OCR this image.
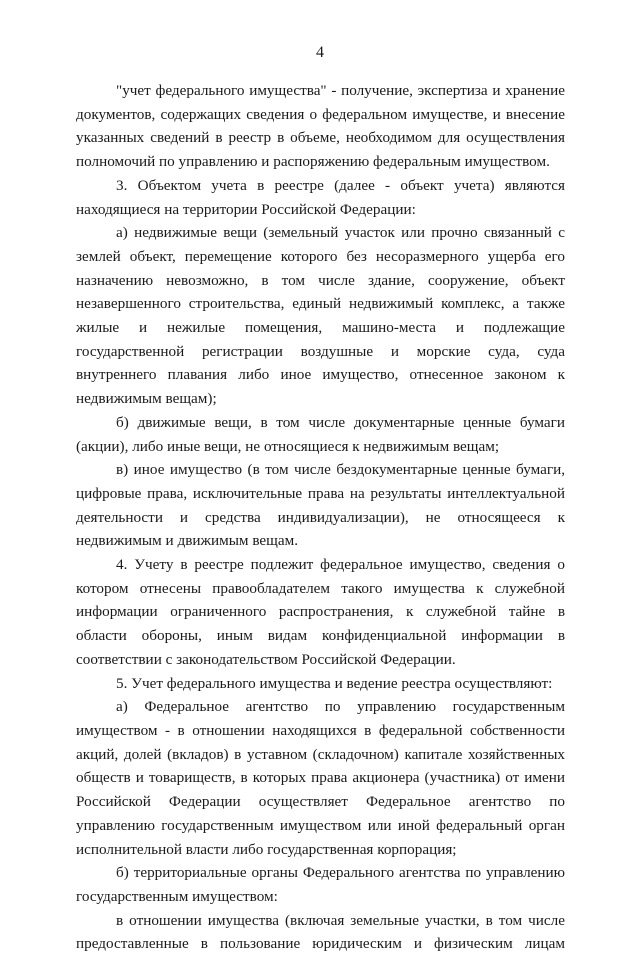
4

"учет федерального имущества" - получение, экспертиза и хранение документов, содержащих сведения о федеральном имуществе, и внесение указанных сведений в реестр в объеме, необходимом для осуществления полномочий по управлению и распоряжению федеральным имуществом.

3. Объектом учета в реестре (далее - объект учета) являются находящиеся на территории Российской Федерации:

а) недвижимые вещи (земельный участок или прочно связанный с землей объект, перемещение которого без несоразмерного ущерба его назначению невозможно, в том числе здание, сооружение, объект незавершенного строительства, единый недвижимый комплекс, а также жилые и нежилые помещения, машино-места и подлежащие государственной регистрации воздушные и морские суда, суда внутреннего плавания либо иное имущество, отнесенное законом к недвижимым вещам);

б) движимые вещи, в том числе документарные ценные бумаги (акции), либо иные вещи, не относящиеся к недвижимым вещам;

в) иное имущество (в том числе бездокументарные ценные бумаги, цифровые права, исключительные права на результаты интеллектуальной деятельности и средства индивидуализации), не относящееся к недвижимым и движимым вещам.

4. Учету в реестре подлежит федеральное имущество, сведения о котором отнесены правообладателем такого имущества к служебной информации ограниченного распространения, к служебной тайне в области обороны, иным видам конфиденциальной информации в соответствии с законодательством Российской Федерации.

5. Учет федерального имущества и ведение реестра осуществляют:

а) Федеральное агентство по управлению государственным имуществом - в отношении находящихся в федеральной собственности акций, долей (вкладов) в уставном (складочном) капитале хозяйственных обществ и товариществ, в которых права акционера (участника) от имени Российской Федерации осуществляет Федеральное агентство по управлению государственным имуществом или иной федеральный орган исполнительной власти либо государственная корпорация;

б) территориальные органы Федерального агентства по управлению государственным имуществом:

в отношении имущества (включая земельные участки, в том числе предоставленные в пользование юридическим и физическим лицам
